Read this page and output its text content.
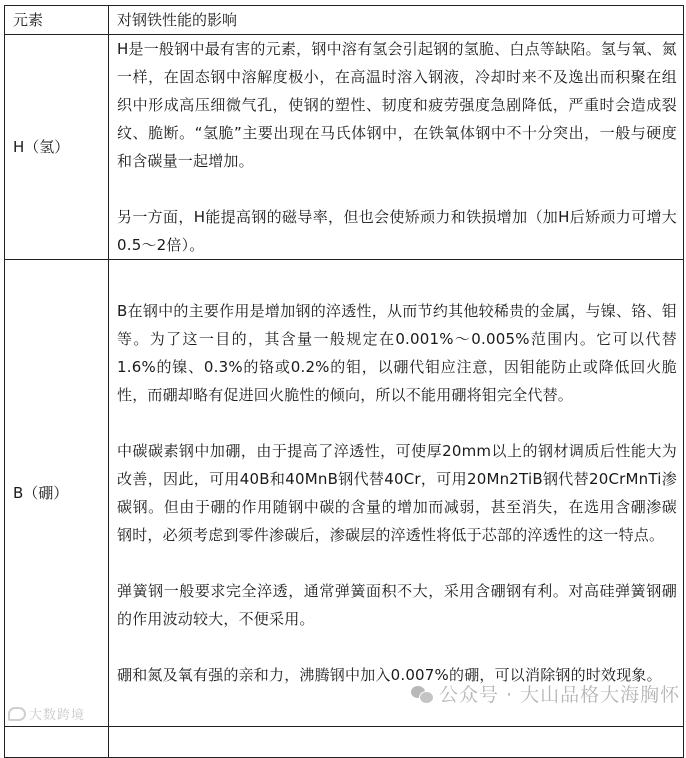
元素	对钢铁性能的影响
H（氢）	H是一般钢中最有害的元素，钢中溶有氢会引起钢的氢脆、白点等缺陷。氢与氧、氮一样，在固态钢中溶解度极小，在高温时溶入钢液，冷却时来不及逸出而积聚在组织中形成高压细微气孔，使钢的塑性、韧度和疲劳强度急剧降低，严重时会造成裂纹、脆断。“氢脆”主要出现在马氏体钢中，在铁氧体钢中不十分突出，一般与硬度和含碳量一起增加。

另一方面，H能提高钢的磁导率，但也会使矫顽力和铁损增加（加H后矫顽力可增大0.5～2倍）。

B（硼）	B在钢中的主要作用是增加钢的淬透性，从而节约其他较稀贵的金属，与镍、铬、钼等。为了这一目的，其含量一般规定在0.001%～0.005%范围内。它可以代替1.6%的镍、0.3%的铬或0.2%的钼，以硼代钼应注意，因钼能防止或降低回火脆性，而硼却略有促进回火脆性的倾向，所以不能用硼将钼完全代替。

中碳碳素钢中加硼，由于提高了淬透性，可使厚20mm以上的钢材调质后性能大为改善，因此，可用40B和40MnB钢代替40Cr，可用20Mn2TiB钢代替20CrMnTi渗碳钢。但由于硼的作用随钢中碳的含量的增加而减弱，甚至消失，在选用含硼渗碳钢时，必须考虑到零件渗碳后，渗碳层的淬透性将低于芯部的淬透性的这一特点。

弹簧钢一般要求完全淬透，通常弹簧面积不大，采用含硼钢有利。对高硅弹簧钢硼的作用波动较大，不便采用。

硼和氮及氧有强的亲和力，沸腾钢中加入0.007%的硼，可以消除钢的时效现象。

大数跨境
公众号 · 大山品格大海胸怀
